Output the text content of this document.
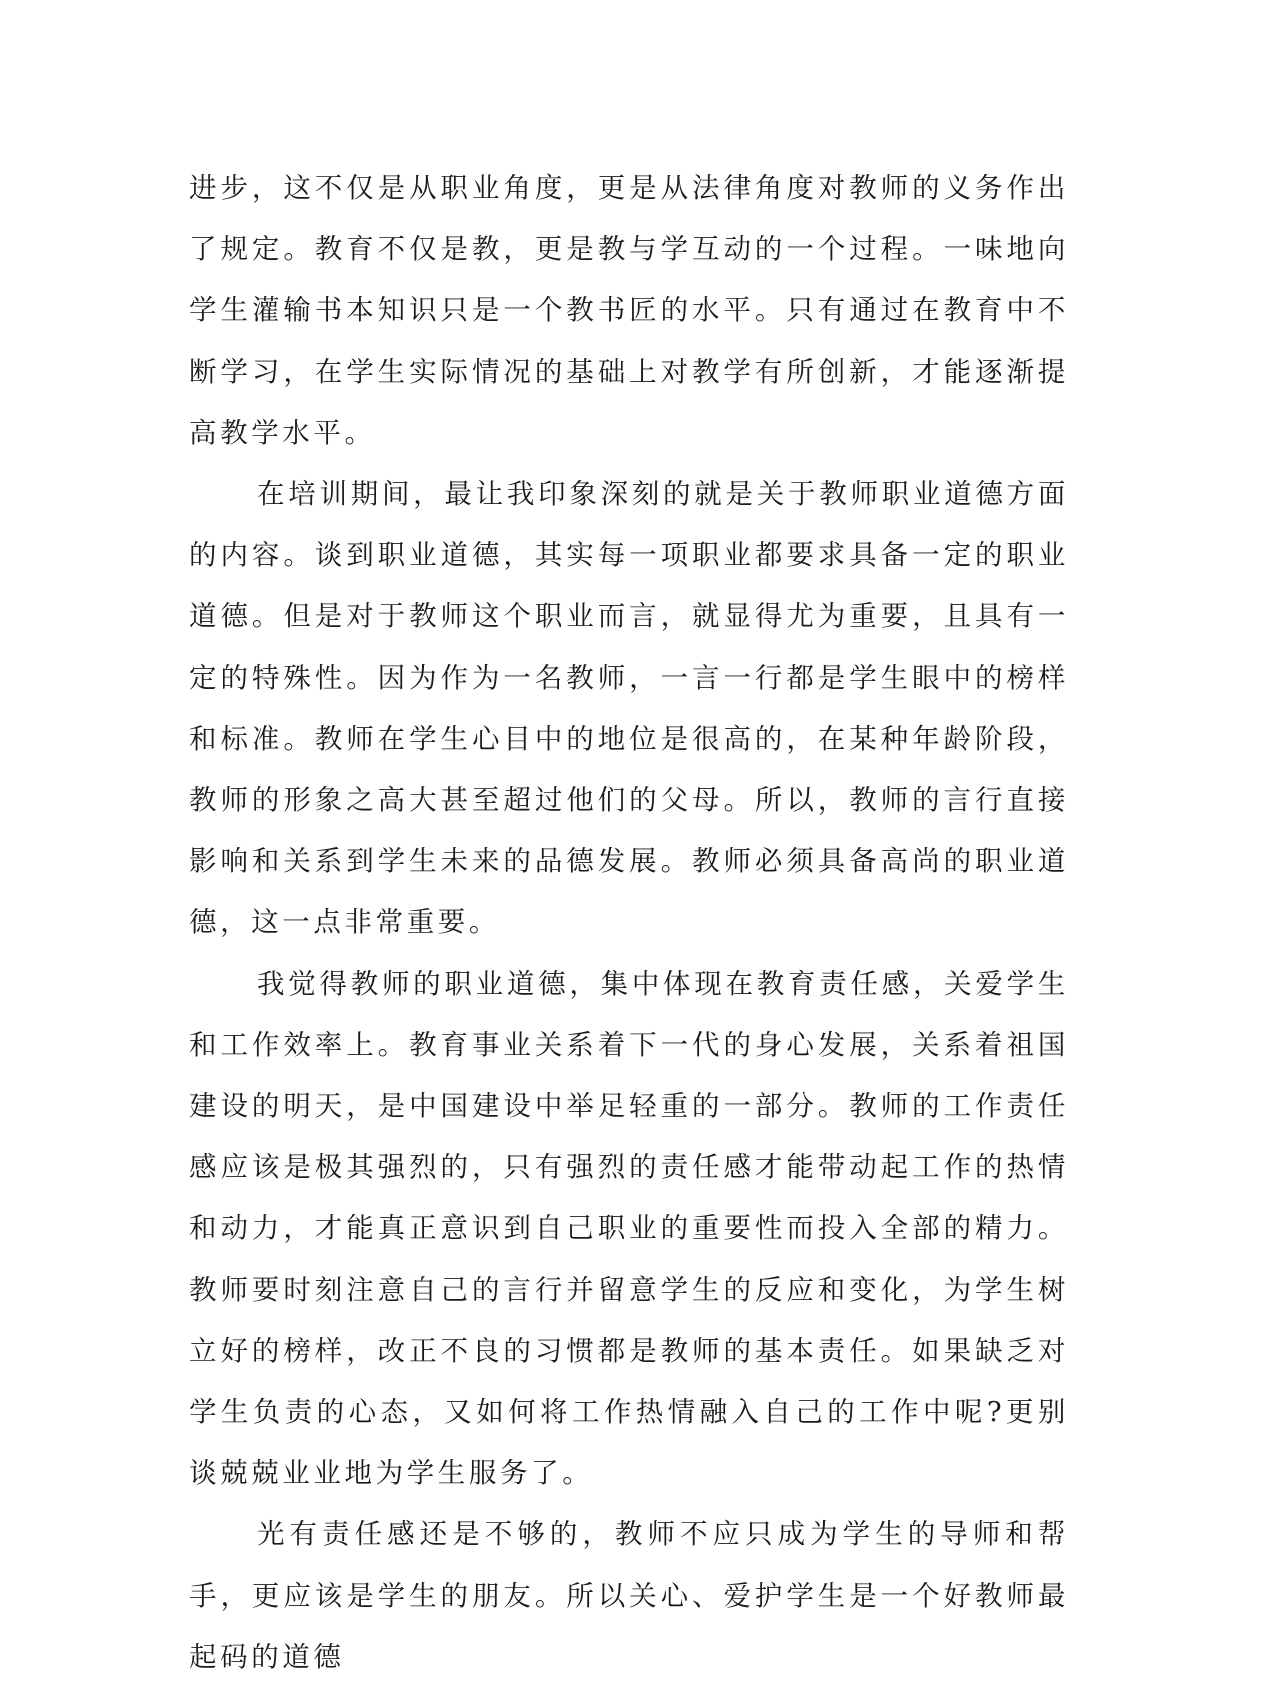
进步，这不仅是从职业角度，更是从法律角度对教师的义务作出了规定。教育不仅是教，更是教与学互动的一个过程。一味地向学生灌输书本知识只是一个教书匠的水平。只有通过在教育中不断学习，在学生实际情况的基础上对教学有所创新，才能逐渐提高教学水平。

在培训期间，最让我印象深刻的就是关于教师职业道德方面的内容。谈到职业道德，其实每一项职业都要求具备一定的职业道德。但是对于教师这个职业而言，就显得尤为重要，且具有一定的特殊性。因为作为一名教师，一言一行都是学生眼中的榜样和标准。教师在学生心目中的地位是很高的，在某种年龄阶段，教师的形象之高大甚至超过他们的父母。所以，教师的言行直接影响和关系到学生未来的品德发展。教师必须具备高尚的职业道德，这一点非常重要。

我觉得教师的职业道德，集中体现在教育责任感，关爱学生和工作效率上。教育事业关系着下一代的身心发展，关系着祖国建设的明天，是中国建设中举足轻重的一部分。教师的工作责任感应该是极其强烈的，只有强烈的责任感才能带动起工作的热情和动力，才能真正意识到自己职业的重要性而投入全部的精力。教师要时刻注意自己的言行并留意学生的反应和变化，为学生树立好的榜样，改正不良的习惯都是教师的基本责任。如果缺乏对学生负责的心态，又如何将工作热情融入自己的工作中呢?更别谈兢兢业业地为学生服务了。

光有责任感还是不够的，教师不应只成为学生的导师和帮手，更应该是学生的朋友。所以关心、爱护学生是一个好教师最起码的道德
